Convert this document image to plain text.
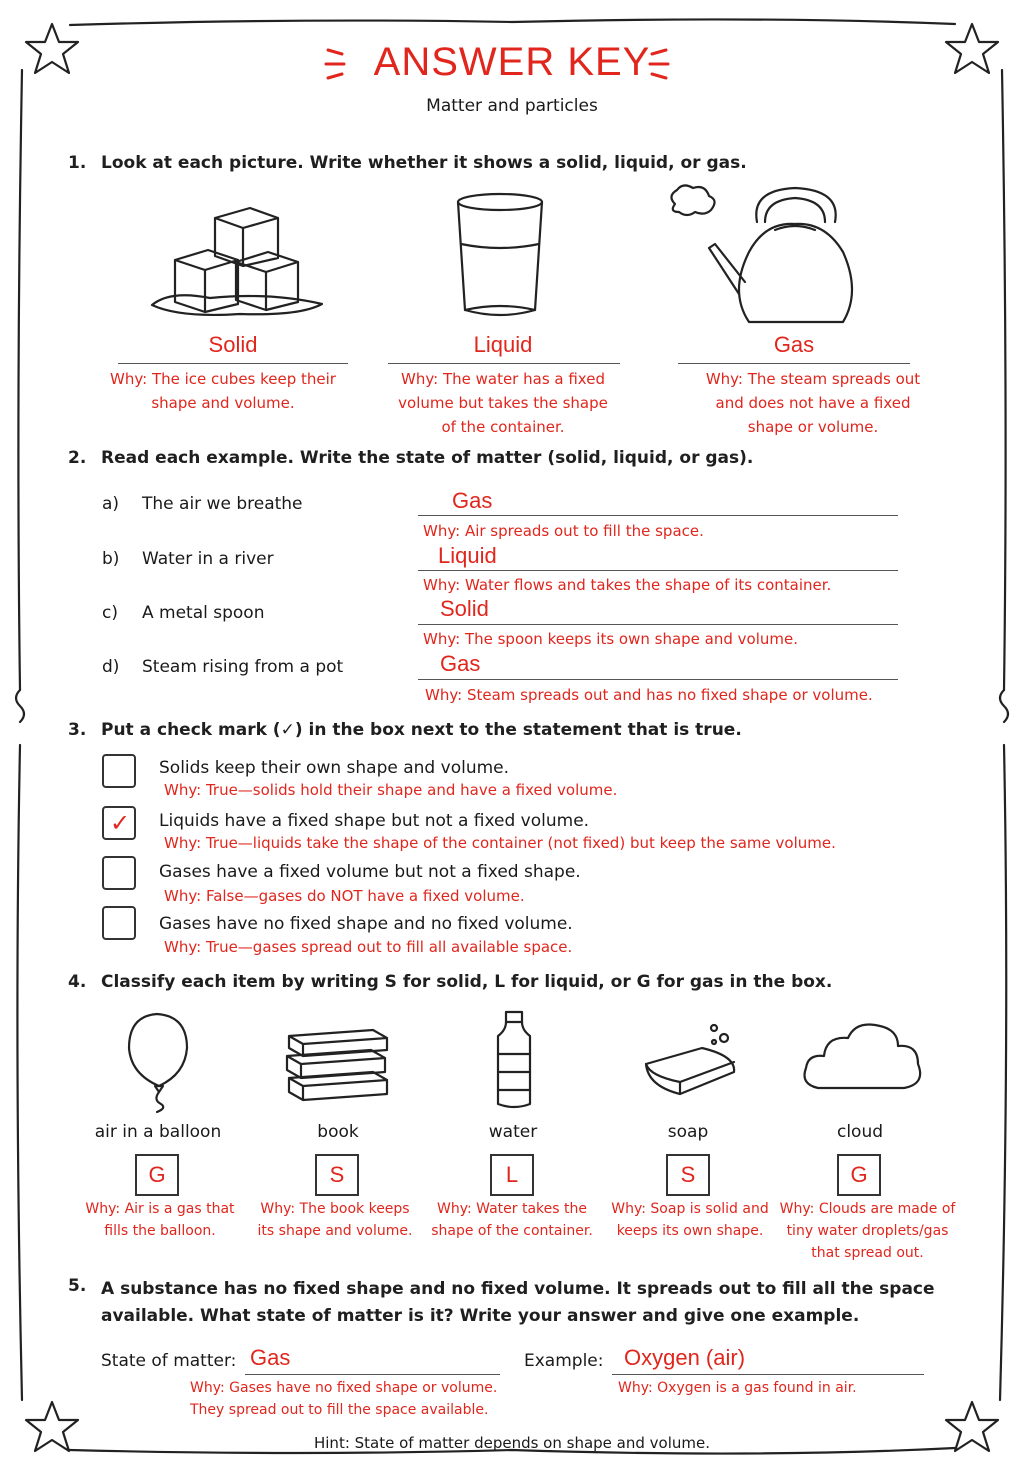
ANSWER KEY
Matter and particles
1. Look at each picture. Write whether it shows a solid, liquid, or gas.
Solid
Why: The ice cubes keep their
shape and volume.
Liquid
Why: The water has a fixed
volume but takes the shape
of the container.
Gas
Why: The steam spreads out
and does not have a fixed
shape or volume.
2. Read each example. Write the state of matter (solid, liquid, or gas).
a) The air we breathe	Gas
Why: Air spreads out to fill the space.
b) Water in a river	Liquid
Why: Water flows and takes the shape of its container.
c) A metal spoon	Solid
Why: The spoon keeps its own shape and volume.
d) Steam rising from a pot	Gas
Why: Steam spreads out and has no fixed shape or volume.
3. Put a check mark (✓) in the box next to the statement that is true.
Solids keep their own shape and volume.
Why: True—solids hold their shape and have a fixed volume.
✓ Liquids have a fixed shape but not a fixed volume.
Why: True—liquids take the shape of the container (not fixed) but keep the same volume.
Gases have a fixed volume but not a fixed shape.
Why: False—gases do NOT have a fixed volume.
Gases have no fixed shape and no fixed volume.
Why: True—gases spread out to fill all available space.
4. Classify each item by writing S for solid, L for liquid, or G for gas in the box.
air in a balloon
G
Why: Air is a gas that
fills the balloon.
book
S
Why: The book keeps
its shape and volume.
water
L
Why: Water takes the
shape of the container.
soap
S
Why: Soap is solid and
keeps its own shape.
cloud
G
Why: Clouds are made of
tiny water droplets/gas
that spread out.
5. A substance has no fixed shape and no fixed volume. It spreads out to fill all the space
available. What state of matter is it? Write your answer and give one example.
State of matter: Gas
Why: Gases have no fixed shape or volume.
They spread out to fill the space available.
Example: Oxygen (air)
Why: Oxygen is a gas found in air.
Hint: State of matter depends on shape and volume.
